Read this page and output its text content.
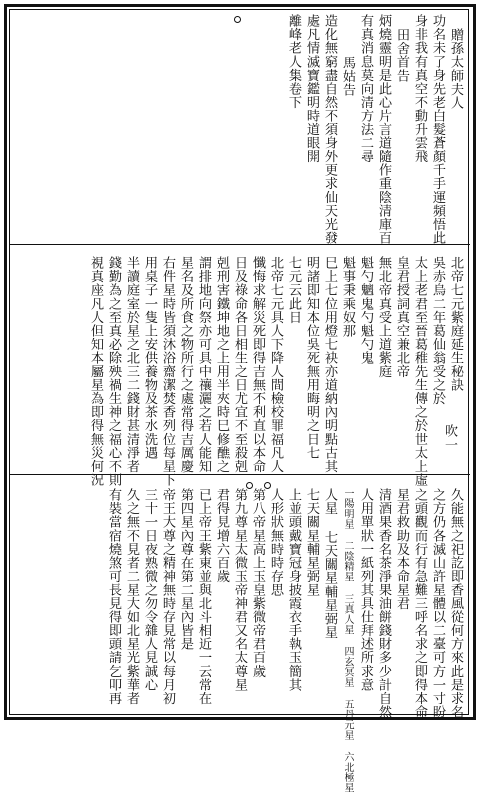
贈孫太師夫人
功名未了身先老白髮蒼顏千手運頻悟此
身非我有真空不動升雲飛
田舍首告
炳燒靈明是此心片言道隨作重陰清庫百
有真消息莫向清方法二尋
馬姑告
造化無窮盡自然不須身外更求仙天光發
處凡情滅寶鑑明時道眼開
離峰老人集卷下
吹一
北帝七元紫庭延生秘訣
吳赤烏二年葛仙翁受之於
太上老君至晉葛稚先生傳之於世太上虛
皇君授詞真空兼北帝
無北帝真受上道紫庭
魁勺魑鬼勺魁勺鬼
魁事秉乘奴那
巳上七位用燈七袂亦道納內明點古其
明諸即知本位吳死無用晦明之日七
七元云此日
北帝七元具人下降人間檢校罪福凡人
懺悔求解災死即得吉無不利直以本命
日及祿命各日相生之日尤宜不至殺剋
剋刑害鐵坤地之上用半夾時巳修醮之
謂排地向祭亦可具中禳灑之若人能知
星名及所食之物所行之處常得吉厲慶
右件星時皆須沐浴齋潔焚香列位每星下
用桌子一隻上安供養物及茶水洗遇
半讀庭室於星之北三二錢財甚清淨者
錢勤為之至真必除殃禍生神之福心不則
視真座凡人但知本屬星為即得無災何況
久能無之祀訖即香風從何方來此是求名
之方仍各滅山許星體以二臺可方一寸盼
之頭觀而行有急難三呼名求之即得本命
星君救助及本命星君
清酒果香名茶淨果油餅錢財多少計自然
人用單狀一紙列其具仕拜述所求意
一陽明星 二陰精星 三真人星 四玄冥星 五丹元星 六北極星
人星 七天關星輔星弼星
七天關星輔星弼星
上並頭戴寶冠身披霞衣手執玉簡其
人形狀無時時存思
第八帝星高上玉皇紫微帝君百歲
第九尊星太微玉帝神君又名太尊星
君得見增六百歲
已上帝王紫東並與北斗相近一云常在
第四星內尊在第二星內皆是
帝王大尊之精神無時存見常以每月初
三十一日夜熟微之勿令雜人見誠心
久之無不見者二星大如北星光紫華者
有裝當宿燒煞可長見得即頭請乞叩再
